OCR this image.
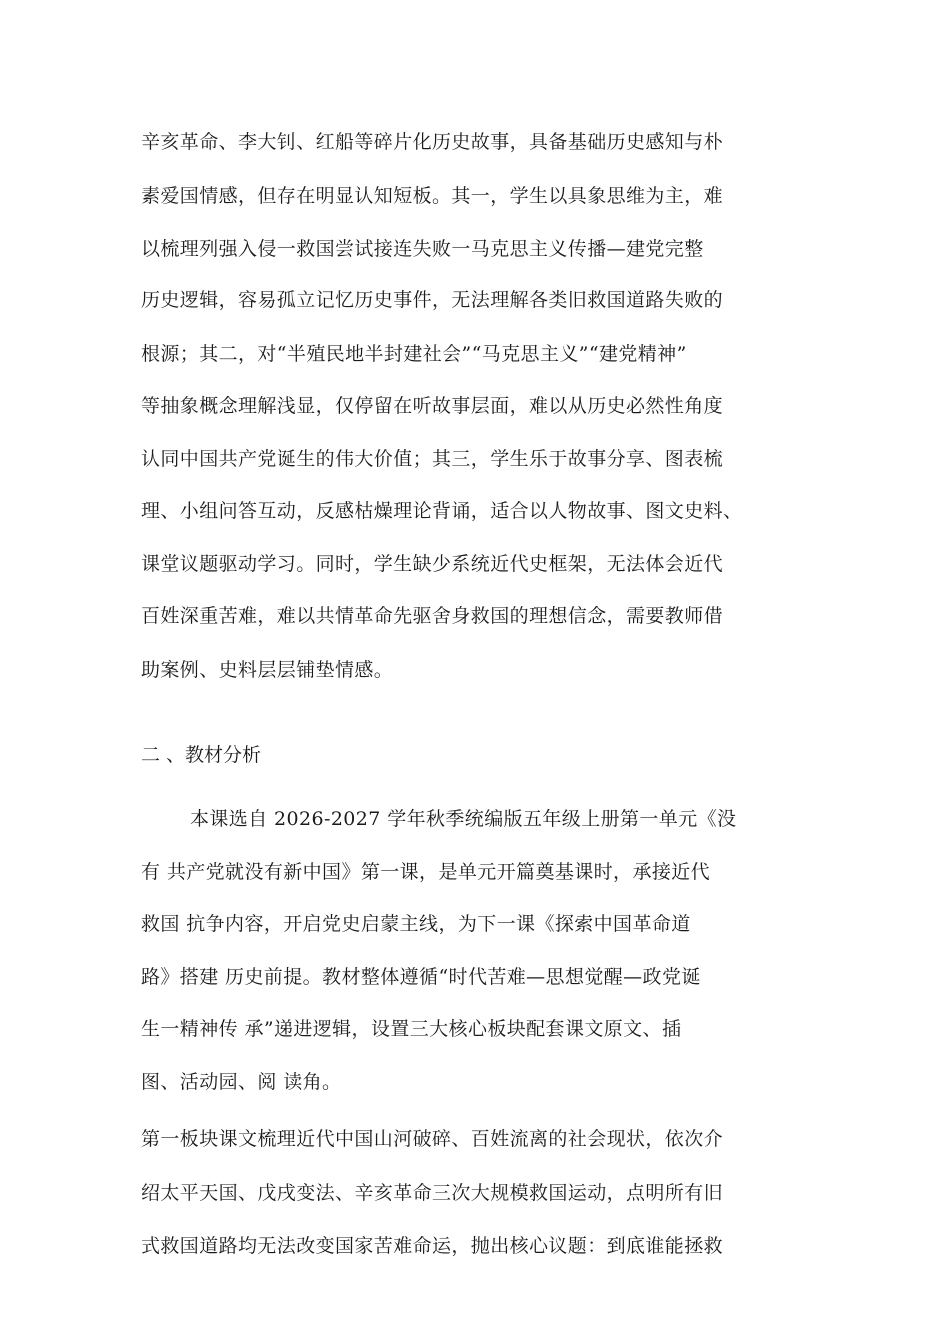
辛亥革命、李大钊、红船等碎片化历史故事，具备基础历史感知与朴
素爱国情感，但存在明显认知短板。其一，学生以具象思维为主，难
以梳理列强入侵一救国尝试接连失败一马克思主义传播—建党完整
历史逻辑，容易孤立记忆历史事件，无法理解各类旧救国道路失败的
根源；其二，对“半殖民地半封建社会”“马克思主义”“建党精神”
等抽象概念理解浅显，仅停留在听故事层面，难以从历史必然性角度
认同中国共产党诞生的伟大价值；其三，学生乐于故事分享、图表梳
理、小组问答互动，反感枯燥理论背诵，适合以人物故事、图文史料、
课堂议题驱动学习。同时，学生缺少系统近代史框架，无法体会近代
百姓深重苦难，难以共情革命先驱舍身救国的理想信念，需要教师借
助案例、史料层层铺垫情感。
二 、教材分析
本课选自 2026-2027 学年秋季统编版五年级上册第一单元《没
有 共产党就没有新中国》第一课，是单元开篇奠基课时，承接近代
救国 抗争内容，开启党史启蒙主线，为下一课《探索中国革命道
路》搭建 历史前提。教材整体遵循“时代苦难—思想觉醒—政党诞
生一精神传 承”递进逻辑，设置三大核心板块配套课文原文、插
图、活动园、阅 读角。
第一板块课文梳理近代中国山河破碎、百姓流离的社会现状，依次介
绍太平天国、戊戌变法、辛亥革命三次大规模救国运动，点明所有旧
式救国道路均无法改变国家苦难命运，抛出核心议题：到底谁能拯救
